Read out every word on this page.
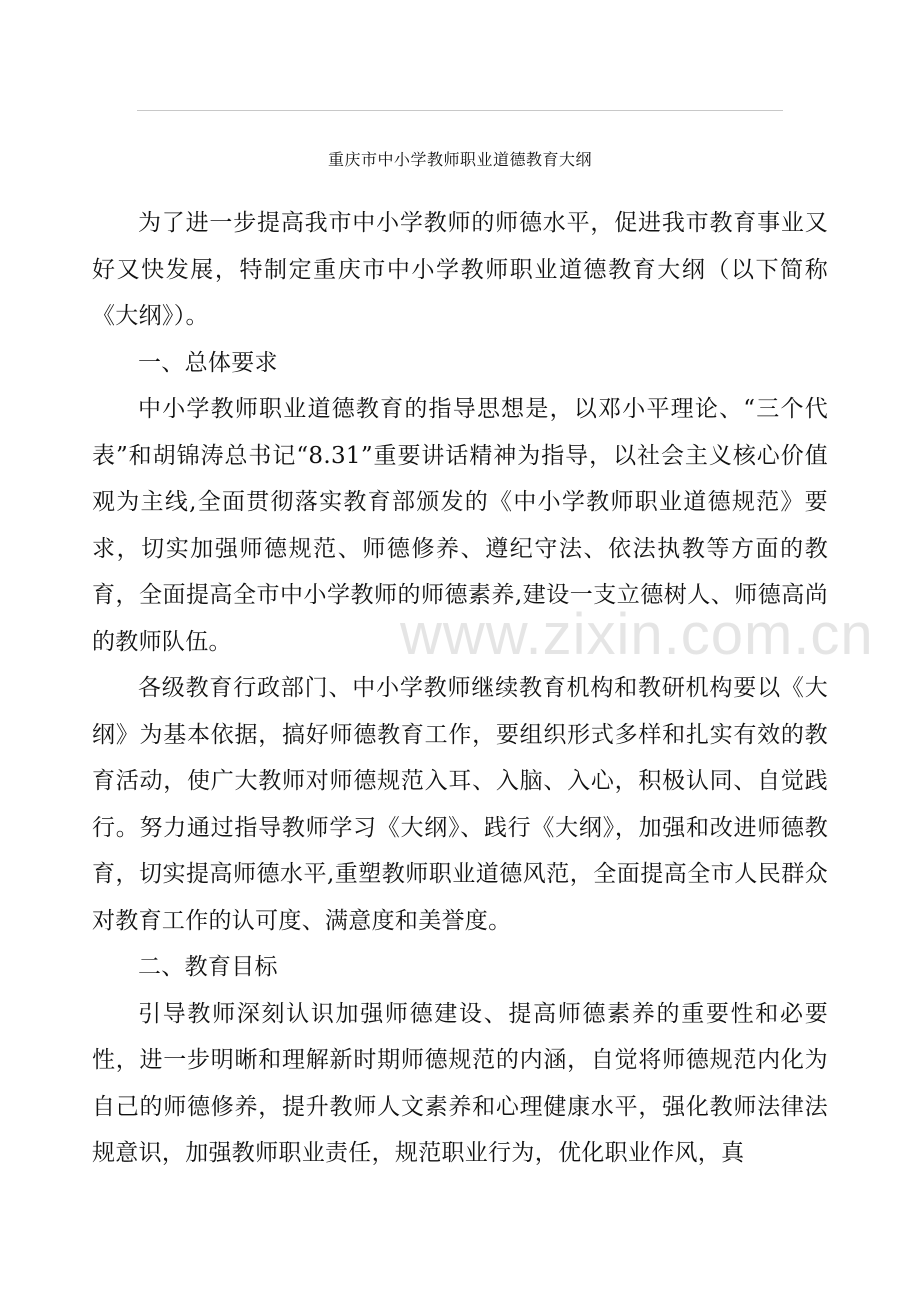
重庆市中小学教师职业道德教育大纲

为了进一步提高我市中小学教师的师德水平，促进我市教育事业又好又快发展，特制定重庆市中小学教师职业道德教育大纲（以下简称《大纲》）。

一、总体要求

中小学教师职业道德教育的指导思想是，以邓小平理论、“三个代表”和胡锦涛总书记“8.31”重要讲话精神为指导，以社会主义核心价值观为主线,全面贯彻落实教育部颁发的《中小学教师职业道德规范》要求，切实加强师德规范、师德修养、遵纪守法、依法执教等方面的教育，全面提高全市中小学教师的师德素养,建设一支立德树人、师德高尚的教师队伍。

各级教育行政部门、中小学教师继续教育机构和教研机构要以《大纲》为基本依据，搞好师德教育工作，要组织形式多样和扎实有效的教育活动，使广大教师对师德规范入耳、入脑、入心，积极认同、自觉践行。努力通过指导教师学习《大纲》、践行《大纲》，加强和改进师德教育，切实提高师德水平,重塑教师职业道德风范，全面提高全市人民群众对教育工作的认可度、满意度和美誉度。

二、教育目标

引导教师深刻认识加强师德建设、提高师德素养的重要性和必要性，进一步明晰和理解新时期师德规范的内涵，自觉将师德规范内化为自己的师德修养，提升教师人文素养和心理健康水平，强化教师法律法规意识，加强教师职业责任，规范职业行为，优化职业作风，真

www.zixin.com.cn
